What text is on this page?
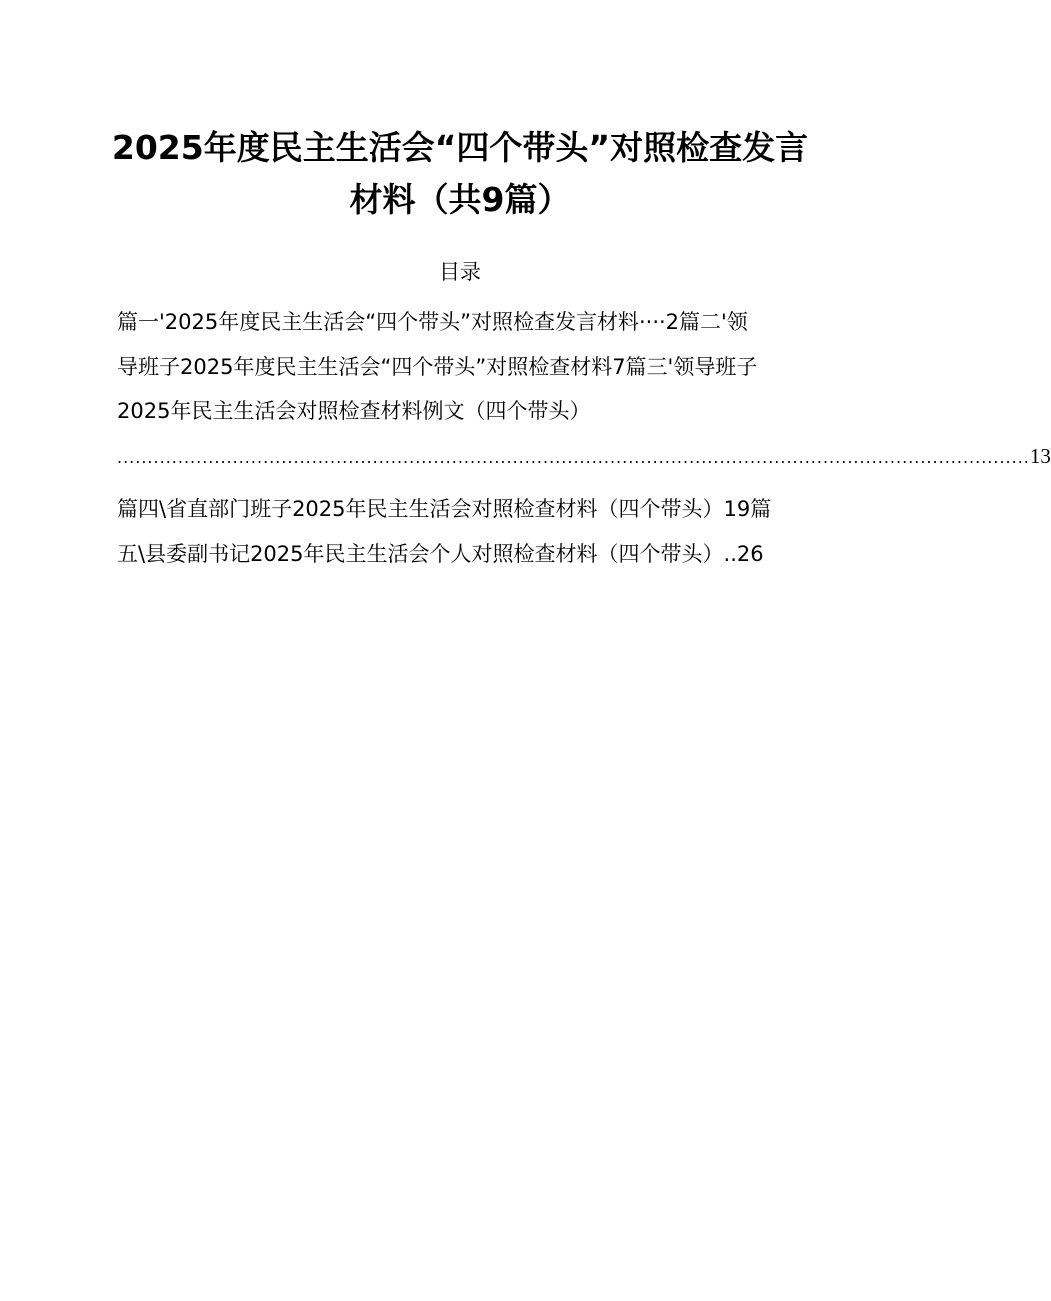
2025年度民主生活会“四个带头”对照检查发言
材料（共9篇）
目录
篇一'2025年度民主生活会“四个带头”对照检查发言材料····2篇二'领
导班子2025年度民主生活会“四个带头”对照检查材料7篇三'领导班子
2025年民主生活会对照检查材料例文（四个带头）
...................................................................................................................................................... 13
篇四\省直部门班子2025年民主生活会对照检查材料（四个带头）19篇
五\县委副书记2025年民主生活会个人对照检查材料（四个带头）..26
